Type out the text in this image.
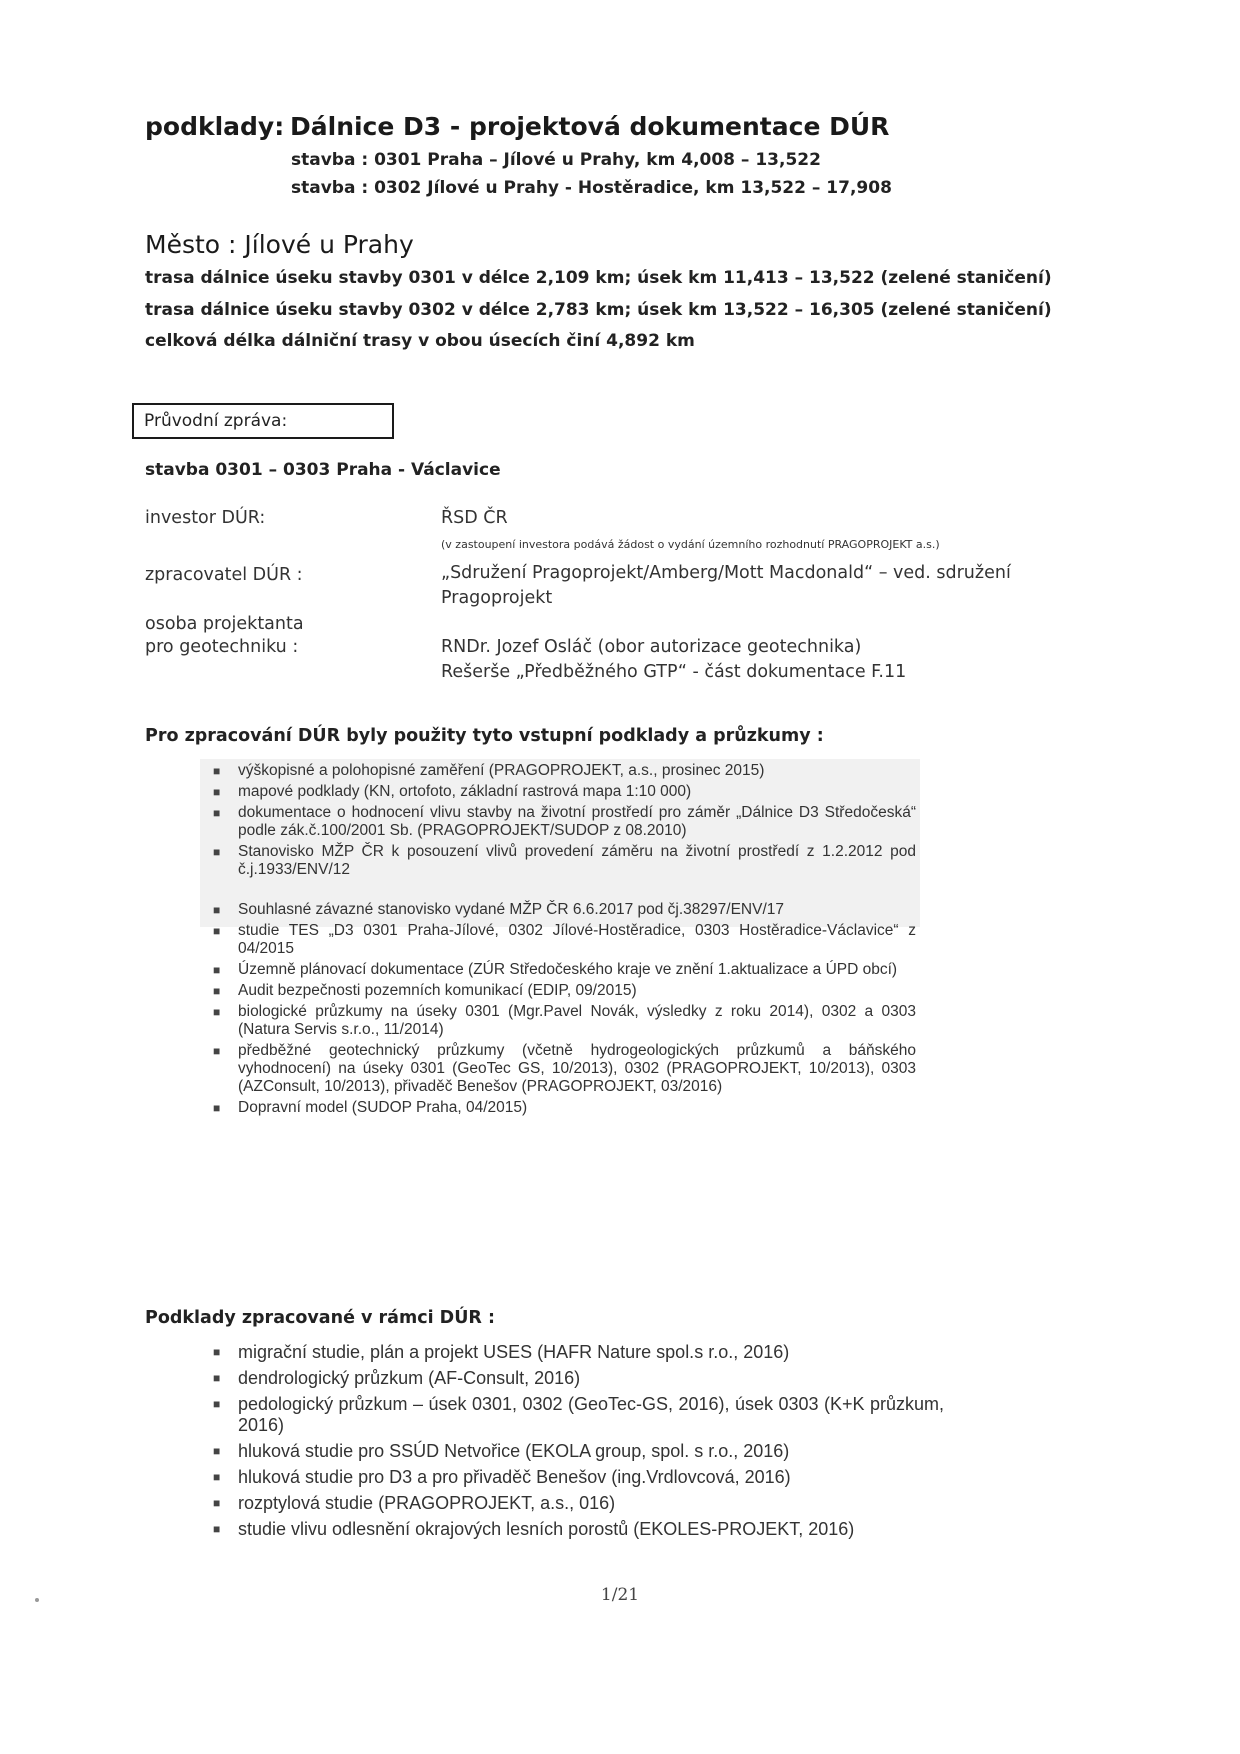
podklady: Dálnice D3 - projektová dokumentace DÚR
stavba : 0301 Praha – Jílové u Prahy, km 4,008 – 13,522
stavba : 0302 Jílové u Prahy - Hostěradice, km 13,522 – 17,908
Město : Jílové u Prahy
trasa dálnice úseku stavby 0301 v délce 2,109 km; úsek km 11,413 – 13,522 (zelené staničení)
trasa dálnice úseku stavby 0302 v délce 2,783 km; úsek km 13,522 – 16,305 (zelené staničení)
celková délka dálniční trasy v obou úsecích činí 4,892 km
Průvodní zpráva:
stavba 0301 – 0303 Praha - Václavice
investor DÚR:	ŘSD ČR
(v zastoupení investora podává žádost o vydání územního rozhodnutí PRAGOPROJEKT a.s.)
zpracovatel DÚR :	„Sdružení Pragoprojekt/Amberg/Mott Macdonald“ – ved. sdružení
Pragoprojekt
osoba projektanta
pro geotechniku :	RNDr. Jozef Osláč (obor autorizace geotechnika)
Rešerše „Předběžného GTP“ - část dokumentace F.11
Pro zpracování DÚR byly použity tyto vstupní podklady a průzkumy :
■ výškopisné a polohopisné zaměření (PRAGOPROJEKT, a.s., prosinec 2015)
■ mapové podklady (KN, ortofoto, základní rastrová mapa 1:10 000)
■ dokumentace o hodnocení vlivu stavby na životní prostředí pro záměr „Dálnice D3 Středočeská“ podle zák.č.100/2001 Sb. (PRAGOPROJEKT/SUDOP z 08.2010)
■ Stanovisko MŽP ČR k posouzení vlivů provedení záměru na životní prostředí z 1.2.2012 pod č.j.1933/ENV/12
■ Souhlasné závazné stanovisko vydané MŽP ČR 6.6.2017 pod čj.38297/ENV/17
■ studie TES „D3 0301 Praha-Jílové, 0302 Jílové-Hostěradice, 0303 Hostěradice-Václavice“ z 04/2015
■ Územně plánovací dokumentace (ZÚR Středočeského kraje ve znění 1.aktualizace a ÚPD obcí)
■ Audit bezpečnosti pozemních komunikací (EDIP, 09/2015)
■ biologické průzkumy na úseky 0301 (Mgr.Pavel Novák, výsledky z roku 2014), 0302 a 0303 (Natura Servis s.r.o., 11/2014)
■ předběžné geotechnický průzkumy (včetně hydrogeologických průzkumů a báňského vyhodnocení) na úseky 0301 (GeoTec GS, 10/2013), 0302 (PRAGOPROJEKT, 10/2013), 0303 (AZConsult, 10/2013), přivaděč Benešov (PRAGOPROJEKT, 03/2016)
■ Dopravní model (SUDOP Praha, 04/2015)
Podklady zpracované v rámci DÚR :
■ migrační studie, plán a projekt USES (HAFR Nature spol.s r.o., 2016)
■ dendrologický průzkum (AF-Consult, 2016)
■ pedologický průzkum – úsek 0301, 0302 (GeoTec-GS, 2016), úsek 0303 (K+K průzkum, 2016)
■ hluková studie pro SSÚD Netvořice (EKOLA group, spol. s r.o., 2016)
■ hluková studie pro D3 a pro přivaděč Benešov (ing.Vrdlovcová, 2016)
■ rozptylová studie (PRAGOPROJEKT, a.s., 016)
■ studie vlivu odlesnění okrajových lesních porostů (EKOLES-PROJEKT, 2016)
1/21
